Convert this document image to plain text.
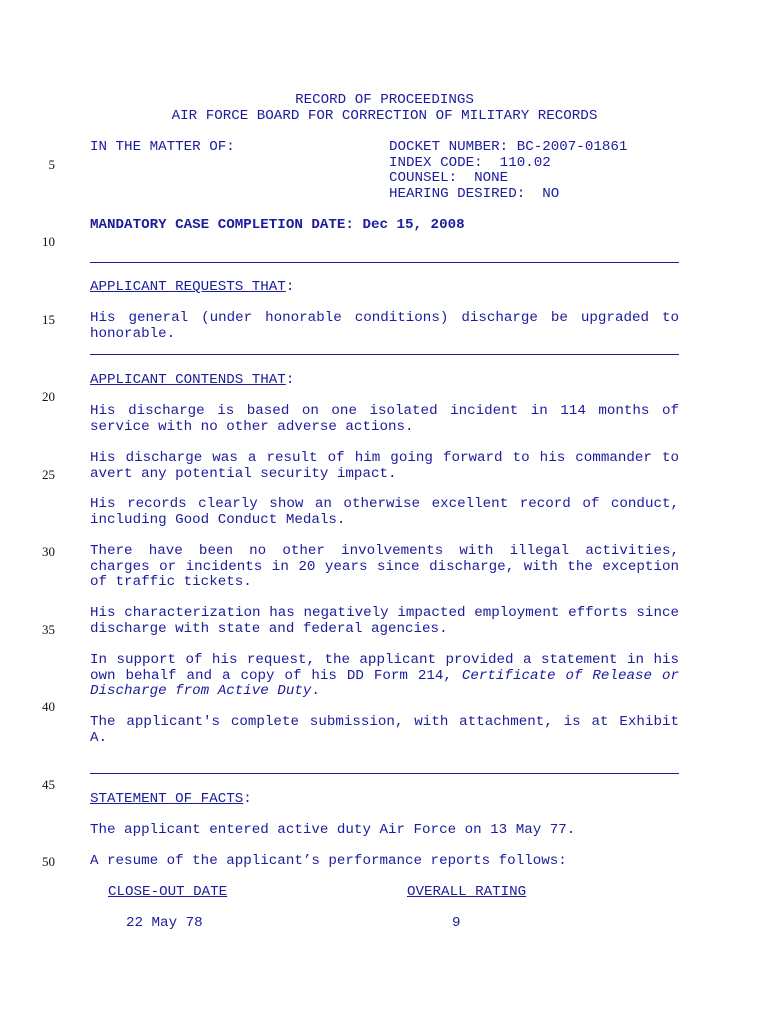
RECORD OF PROCEEDINGS
AIR FORCE BOARD FOR CORRECTION OF MILITARY RECORDS
IN THE MATTER OF:	DOCKET NUMBER: BC-2007-01861
INDEX CODE:  110.02
COUNSEL:  NONE
HEARING DESIRED:  NO
MANDATORY CASE COMPLETION DATE: Dec 15, 2008
APPLICANT REQUESTS THAT:

His general (under honorable conditions) discharge be upgraded to honorable.

APPLICANT CONTENDS THAT:

His discharge is based on one isolated incident in 114 months of service with no other adverse actions.

His discharge was a result of him going forward to his commander to avert any potential security impact.

His records clearly show an otherwise excellent record of conduct, including Good Conduct Medals.

There have been no other involvements with illegal activities, charges or incidents in 20 years since discharge, with the exception of traffic tickets.

His characterization has negatively impacted employment efforts since discharge with state and federal agencies.

In support of his request, the applicant provided a statement in his own behalf and a copy of his DD Form 214, Certificate of Release or Discharge from Active Duty.

The applicant's complete submission, with attachment, is at Exhibit A.

STATEMENT OF FACTS:
The applicant entered active duty Air Force on 13 May 77.
A resume of the applicant’s performance reports follows:
CLOSE-OUT DATE	OVERALL RATING
22 May 78	9
5
10
15
20
25
30
35
40
45
50
